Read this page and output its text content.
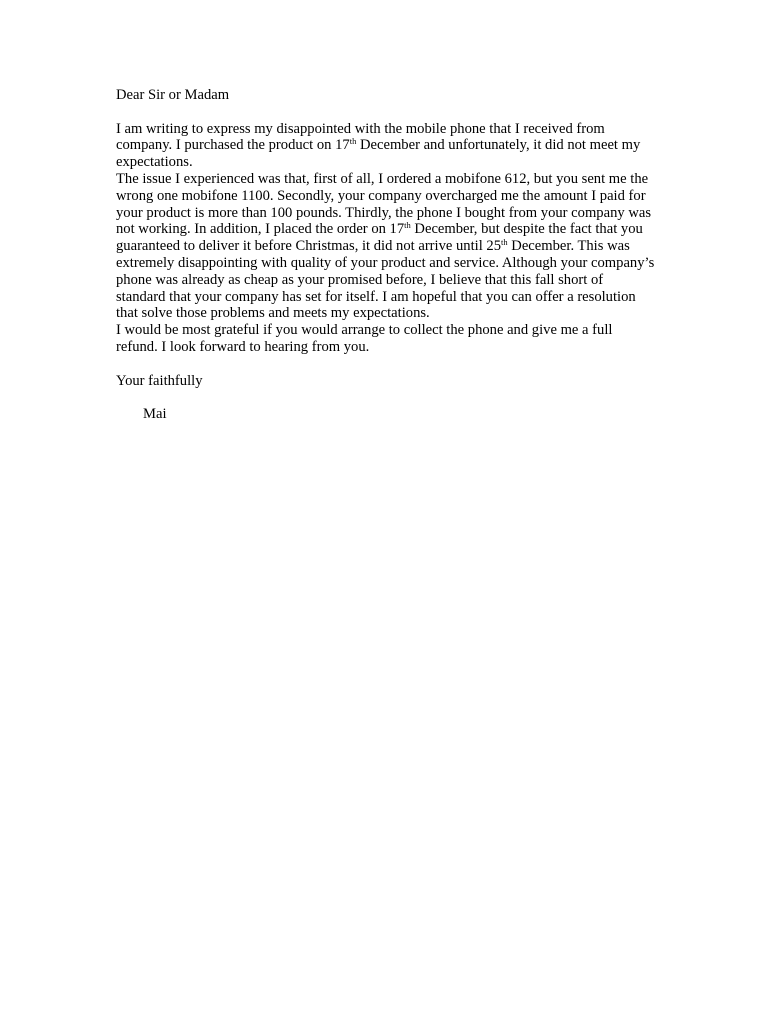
Dear Sir or Madam

I am writing to express my disappointed with the mobile phone that I received from company. I purchased the product on 17th December and unfortunately, it did not meet my expectations.

The issue I experienced was that, first of all, I ordered a mobifone 612, but you sent me the wrong one mobifone 1100. Secondly, your company overcharged me the amount I paid for your product is more than 100 pounds. Thirdly, the phone I bought from your company was not working. In addition, I placed the order on 17th December, but despite the fact that you guaranteed to deliver it before Christmas, it did not arrive until 25th December. This was extremely disappointing with quality of your product and service. Although your company’s phone was already as cheap as your promised before, I believe that this fall short of standard that your company has set for itself. I am hopeful that you can offer a resolution that solve those problems and meets my expectations.

I would be most grateful if you would arrange to collect the phone and give me a full refund. I look forward to hearing from you.

Your faithfully

Mai
